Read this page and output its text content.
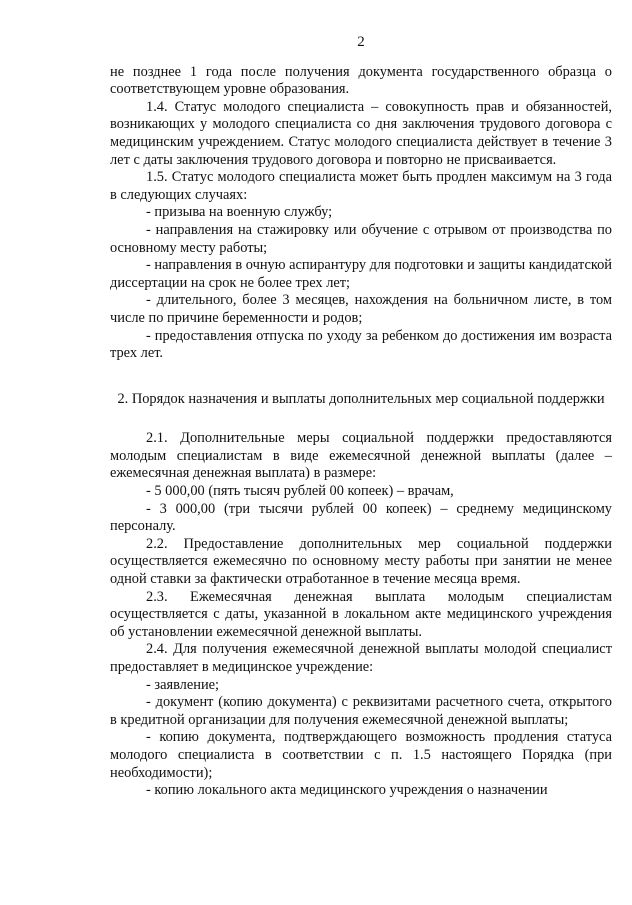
2

не позднее 1 года после получения документа государственного образца о соответствующем уровне образования.

1.4. Статус молодого специалиста – совокупность прав и обязанностей, возникающих у молодого специалиста со дня заключения трудового договора с медицинским учреждением. Статус молодого специалиста действует в течение 3 лет с даты заключения трудового договора и повторно не присваивается.

1.5. Статус молодого специалиста может быть продлен максимум на 3 года в следующих случаях:

- призыва на военную службу;

- направления на стажировку или обучение с отрывом от производства по основному месту работы;

- направления в очную аспирантуру для подготовки и защиты кандидатской диссертации на срок не более трех лет;

- длительного, более 3 месяцев, нахождения на больничном листе, в том числе по причине беременности и родов;

- предоставления отпуска по уходу за ребенком до достижения им возраста трех лет.

2. Порядок назначения и выплаты дополнительных мер социальной поддержки

2.1. Дополнительные меры социальной поддержки предоставляются молодым специалистам в виде ежемесячной денежной выплаты (далее – ежемесячная денежная выплата) в размере:

- 5 000,00 (пять тысяч рублей 00 копеек) – врачам,

- 3 000,00 (три тысячи рублей 00 копеек) – среднему медицинскому персоналу.

2.2. Предоставление дополнительных мер социальной поддержки осуществляется ежемесячно по основному месту работы при занятии не менее одной ставки за фактически отработанное в течение месяца время.

2.3. Ежемесячная денежная выплата молодым специалистам осуществляется с даты, указанной в локальном акте медицинского учреждения об установлении ежемесячной денежной выплаты.

2.4. Для получения ежемесячной денежной выплаты молодой специалист предоставляет в медицинское учреждение:

- заявление;

- документ (копию документа) с реквизитами расчетного счета, открытого в кредитной организации для получения ежемесячной денежной выплаты;

- копию документа, подтверждающего возможность продления статуса молодого специалиста в соответствии с п. 1.5 настоящего Порядка (при необходимости);

- копию локального акта медицинского учреждения о назначении
